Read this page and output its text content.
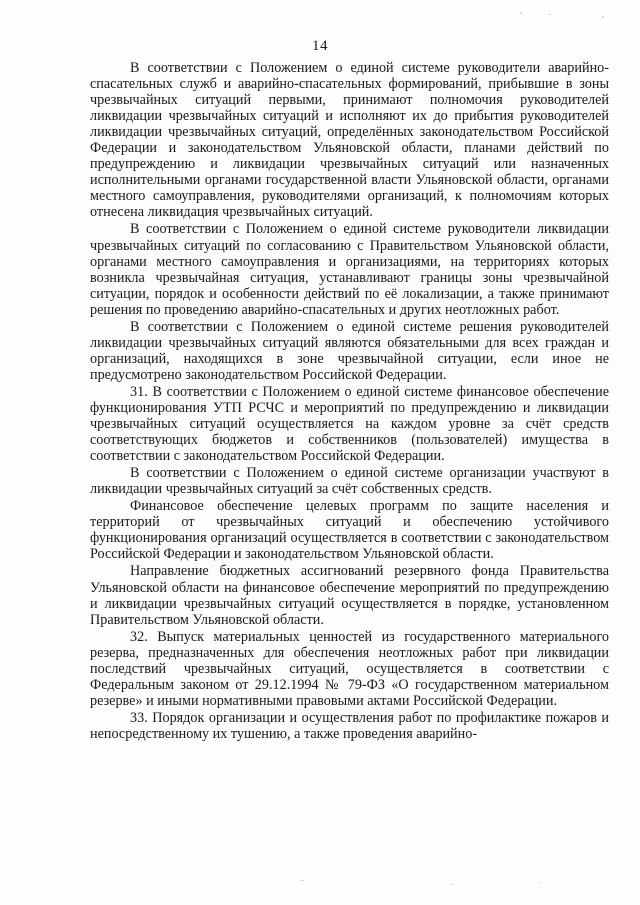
14

В соответствии с Положением о единой системе руководители аварийно-спасательных служб и аварийно-спасательных формирований, прибывшие в зоны чрезвычайных ситуаций первыми, принимают полномочия руководителей ликвидации чрезвычайных ситуаций и исполняют их до прибытия руководителей ликвидации чрезвычайных ситуаций, определённых законодательством Российской Федерации и законодательством Ульяновской области, планами действий по предупреждению и ликвидации чрезвычайных ситуаций или назначенных исполнительными органами государственной власти Ульяновской области, органами местного самоуправления, руководителями организаций, к полномочиям которых отнесена ликвидация чрезвычайных ситуаций.

В соответствии с Положением о единой системе руководители ликвидации чрезвычайных ситуаций по согласованию с Правительством Ульяновской области, органами местного самоуправления и организациями, на территориях которых возникла чрезвычайная ситуация, устанавливают границы зоны чрезвычайной ситуации, порядок и особенности действий по её локализации, а также принимают решения по проведению аварийно-спасательных и других неотложных работ.

В соответствии с Положением о единой системе решения руководителей ликвидации чрезвычайных ситуаций являются обязательными для всех граждан и организаций, находящихся в зоне чрезвычайной ситуации, если иное не предусмотрено законодательством Российской Федерации.

31. В соответствии с Положением о единой системе финансовое обеспечение функционирования УТП РСЧС и мероприятий по предупреждению и ликвидации чрезвычайных ситуаций осуществляется на каждом уровне за счёт средств соответствующих бюджетов и собственников (пользователей) имущества в соответствии с законодательством Российской Федерации.

В соответствии с Положением о единой системе организации участвуют в ликвидации чрезвычайных ситуаций за счёт собственных средств.

Финансовое обеспечение целевых программ по защите населения и территорий от чрезвычайных ситуаций и обеспечению устойчивого функционирования организаций осуществляется в соответствии с законодательством Российской Федерации и законодательством Ульяновской области.

Направление бюджетных ассигнований резервного фонда Правительства Ульяновской области на финансовое обеспечение мероприятий по предупреждению и ликвидации чрезвычайных ситуаций осуществляется в порядке, установленном Правительством Ульяновской области.

32. Выпуск материальных ценностей из государственного материального резерва, предназначенных для обеспечения неотложных работ при ликвидации последствий чрезвычайных ситуаций, осуществляется в соответствии с Федеральным законом от 29.12.1994 № 79-ФЗ «О государственном материальном резерве» и иными нормативными правовыми актами Российской Федерации.

33. Порядок организации и осуществления работ по профилактике пожаров и непосредственному их тушению, а также проведения аварийно-
